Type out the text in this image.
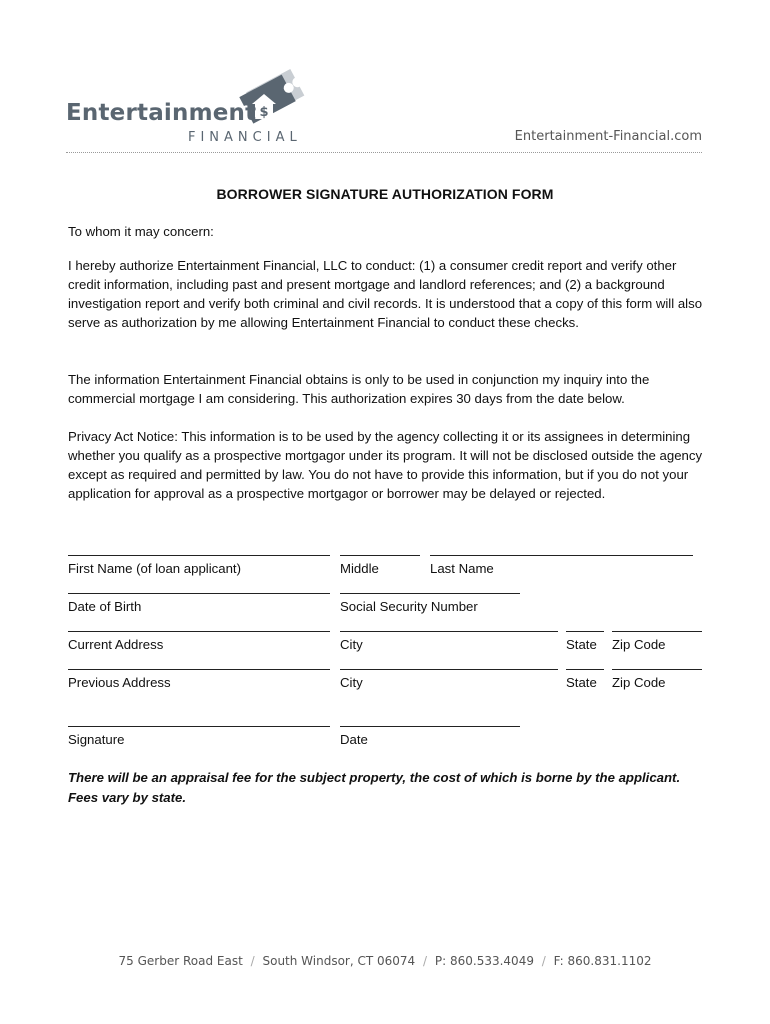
$
Entertainment
FINANCIAL	Entertainment-Financial.com
BORROWER SIGNATURE AUTHORIZATION FORM

To whom it may concern:

I hereby authorize Entertainment Financial, LLC to conduct: (1) a consumer credit report and verify other credit information, including past and present mortgage and landlord references; and (2) a background investigation report and verify both criminal and civil records. It is understood that a copy of this form will also serve as authorization by me allowing Entertainment Financial to conduct these checks.

The information Entertainment Financial obtains is only to be used in conjunction my inquiry into the commercial mortgage I am considering. This authorization expires 30 days from the date below.

Privacy Act Notice: This information is to be used by the agency collecting it or its assignees in determining whether you qualify as a prospective mortgagor under its program. It will not be disclosed outside the agency except as required and permitted by law. You do not have to provide this information, but if you do not your application for approval as a prospective mortgagor or borrower may be delayed or rejected.

First Name (of loan applicant)	Middle	Last Name
Date of Birth	Social Security Number
Current Address	City	State Zip Code
Previous Address	City	State Zip Code
Signature	Date

There will be an appraisal fee for the subject property, the cost of which is borne by the applicant. Fees vary by state.

75 Gerber Road East / South Windsor, CT 06074 / P: 860.533.4049 / F: 860.831.1102
